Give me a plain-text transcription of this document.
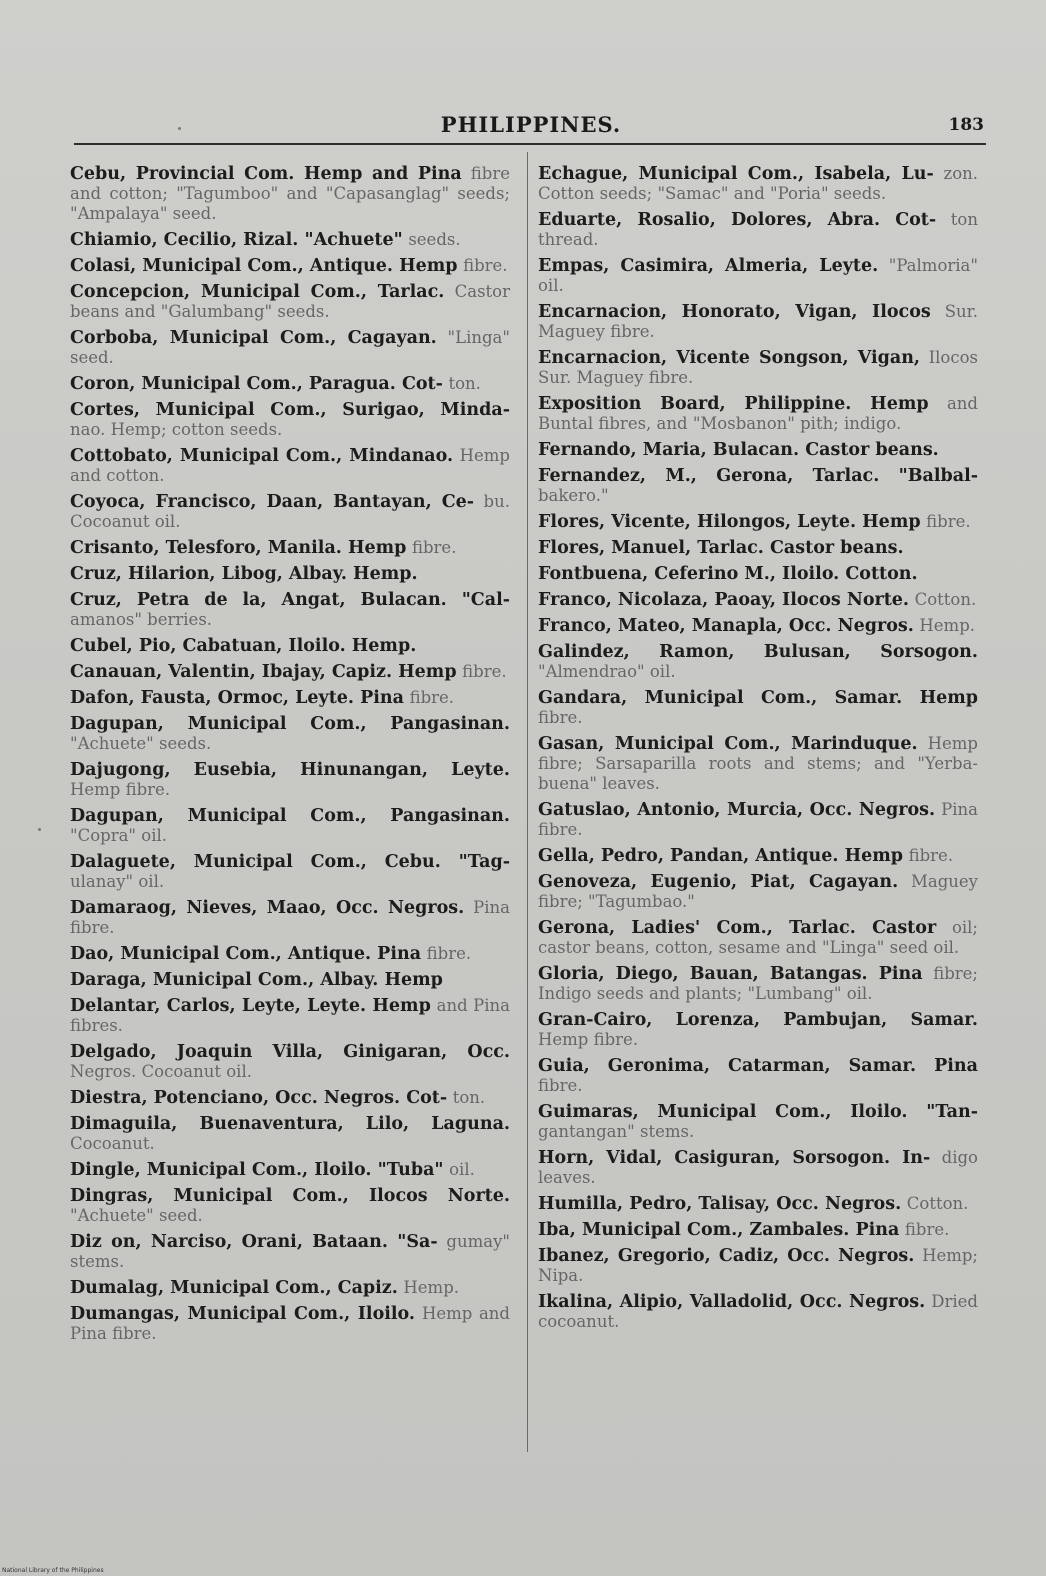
PHILIPPINES.	183
Cebu, Provincial Com. Hemp and Pina fibre and cotton; "Tagumboo" and "Capasanglag" seeds; "Ampalaya" seed.
Chiamio, Cecilio, Rizal. "Achuete" seeds.
Colasi, Municipal Com., Antique. Hemp fibre.
Concepcion, Municipal Com., Tarlac. Castor beans and "Galumbang" seeds.
Corboba, Municipal Com., Cagayan. "Linga" seed.
Coron, Municipal Com., Paragua. Cot- ton.
Cortes, Municipal Com., Surigao, Minda- nao. Hemp; cotton seeds.
Cottobato, Municipal Com., Mindanao. Hemp and cotton.
Coyoca, Francisco, Daan, Bantayan, Ce- bu. Cocoanut oil.
Crisanto, Telesforo, Manila. Hemp fibre.
Cruz, Hilarion, Libog, Albay. Hemp.
Cruz, Petra de la, Angat, Bulacan. "Cal- amanos" berries.
Cubel, Pio, Cabatuan, Iloilo. Hemp.
Canauan, Valentin, Ibajay, Capiz. Hemp fibre.
Dafon, Fausta, Ormoc, Leyte. Pina fibre.
Dagupan, Municipal Com., Pangasinan. "Achuete" seeds.
Dajugong, Eusebia, Hinunangan, Leyte. Hemp fibre.
Dagupan, Municipal Com., Pangasinan. "Copra" oil.
Dalaguete, Municipal Com., Cebu. "Tag- ulanay" oil.
Damaraog, Nieves, Maao, Occ. Negros. Pina fibre.
Dao, Municipal Com., Antique. Pina fibre.
Daraga, Municipal Com., Albay. Hemp
Delantar, Carlos, Leyte, Leyte. Hemp and Pina fibres.
Delgado, Joaquin Villa, Ginigaran, Occ. Negros. Cocoanut oil.
Diestra, Potenciano, Occ. Negros. Cot- ton.
Dimaguila, Buenaventura, Lilo, Laguna. Cocoanut.
Dingle, Municipal Com., Iloilo. "Tuba" oil.
Dingras, Municipal Com., Ilocos Norte. "Achuete" seed.
Diz on, Narciso, Orani, Bataan. "Sa- gumay" stems.
Dumalag, Municipal Com., Capiz. Hemp.
Dumangas, Municipal Com., Iloilo. Hemp and Pina fibre.
Echague, Municipal Com., Isabela, Lu- zon. Cotton seeds; "Samac" and "Poria" seeds.
Eduarte, Rosalio, Dolores, Abra. Cot- ton thread.
Empas, Casimira, Almeria, Leyte. "Palmoria" oil.
Encarnacion, Honorato, Vigan, Ilocos Sur. Maguey fibre.
Encarnacion, Vicente Songson, Vigan, Ilocos Sur. Maguey fibre.
Exposition Board, Philippine. Hemp and Buntal fibres, and "Mosbanon" pith; indigo.
Fernando, Maria, Bulacan. Castor beans.
Fernandez, M., Gerona, Tarlac. "Balbal- bakero."
Flores, Vicente, Hilongos, Leyte. Hemp fibre.
Flores, Manuel, Tarlac. Castor beans.
Fontbuena, Ceferino M., Iloilo. Cotton.
Franco, Nicolaza, Paoay, Ilocos Norte. Cotton.
Franco, Mateo, Manapla, Occ. Negros. Hemp.
Galindez, Ramon, Bulusan, Sorsogon. "Almendrao" oil.
Gandara, Municipal Com., Samar. Hemp fibre.
Gasan, Municipal Com., Marinduque. Hemp fibre; Sarsaparilla roots and stems; and "Yerba-buena" leaves.
Gatuslao, Antonio, Murcia, Occ. Negros. Pina fibre.
Gella, Pedro, Pandan, Antique. Hemp fibre.
Genoveza, Eugenio, Piat, Cagayan. Maguey fibre; "Tagumbao."
Gerona, Ladies' Com., Tarlac. Castor oil; castor beans, cotton, sesame and "Linga" seed oil.
Gloria, Diego, Bauan, Batangas. Pina fibre; Indigo seeds and plants; "Lumbang" oil.
Gran-Cairo, Lorenza, Pambujan, Samar. Hemp fibre.
Guia, Geronima, Catarman, Samar. Pina fibre.
Guimaras, Municipal Com., Iloilo. "Tan- gantangan" stems.
Horn, Vidal, Casiguran, Sorsogon. In- digo leaves.
Humilla, Pedro, Talisay, Occ. Negros. Cotton.
Iba, Municipal Com., Zambales. Pina fibre.
Ibanez, Gregorio, Cadiz, Occ. Negros. Hemp; Nipa.
Ikalina, Alipio, Valladolid, Occ. Negros. Dried cocoanut.
National Library of the Philippines
